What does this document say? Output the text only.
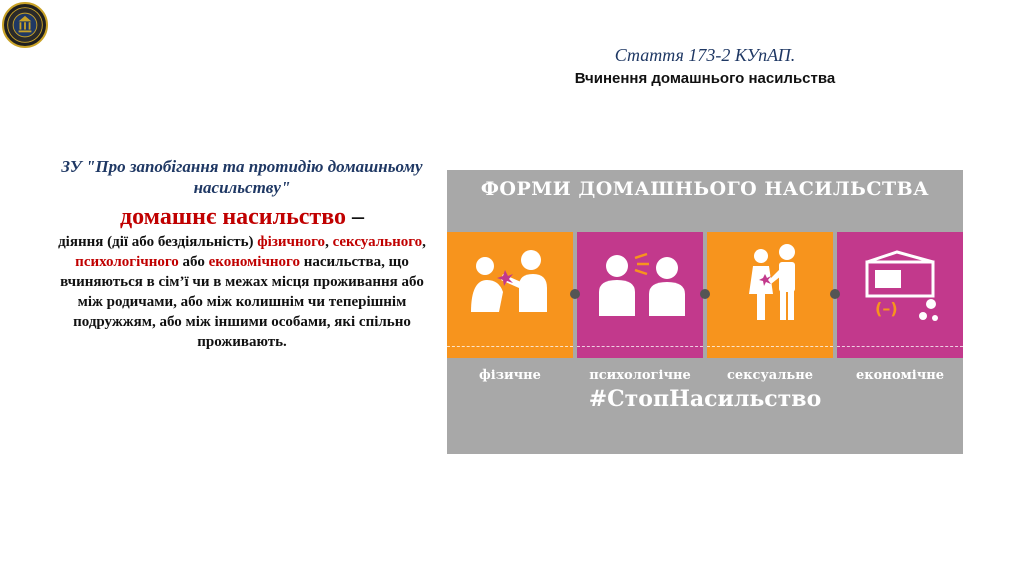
Стаття 173-2 КУпАП.
Вчинення домашнього насильства
ЗУ "Про запобігання та протидію домашньому насильству"
домашнє насильство –
діяння (дії або бездіяльність) фізичного, сексуального, психологічного або економічного насильства, що вчиняються в сім’ї чи в межах місця проживання або між родичами, або між колишнім чи теперішнім подружжям, або між іншими особами, які спільно проживають.
ФОРМИ ДОМАШНЬОГО НАСИЛЬСТВА
фізичне	психологічне	сексуальне
(–)
економічне
#СтопНасильство
